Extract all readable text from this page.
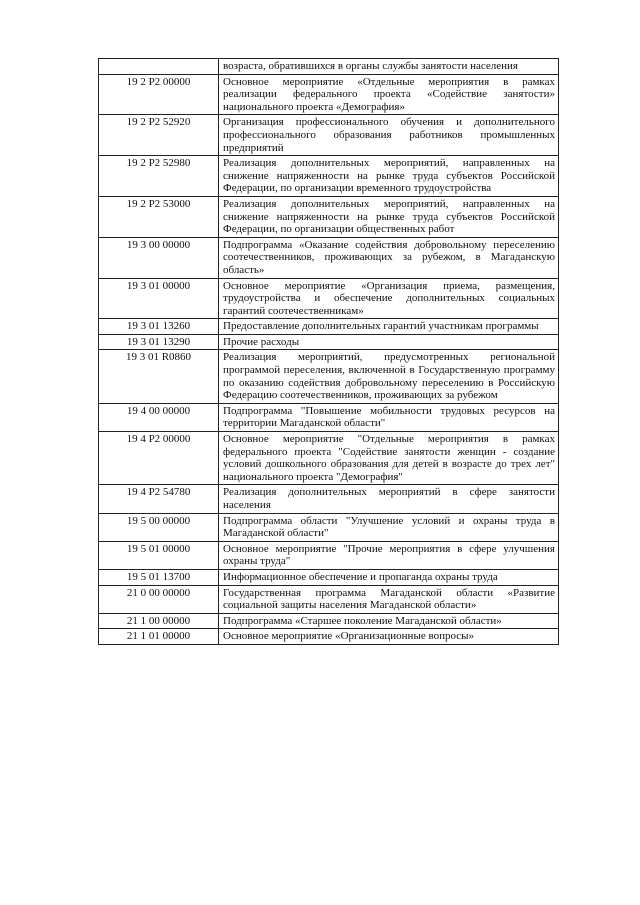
	возраста, обратившихся в органы службы занятости населения
19 2 P2 00000	Основное мероприятие «Отдельные мероприятия в рамках реализации федерального проекта «Содействие занятости» национального проекта «Демография»
19 2 P2 52920	Организация профессионального обучения и дополнительного профессионального образования работников промышленных предприятий
19 2 P2 52980	Реализация дополнительных мероприятий, направленных на снижение напряженности на рынке труда субъектов Российской Федерации, по организации временного трудоустройства
19 2 P2 53000	Реализация дополнительных мероприятий, направленных на снижение напряженности на рынке труда субъектов Российской Федерации, по организации общественных работ
19 3 00 00000	Подпрограмма «Оказание содействия добровольному переселению соотечественников, проживающих за рубежом, в Магаданскую область»
19 3 01 00000	Основное мероприятие «Организация приема, размещения, трудоустройства и обеспечение дополнительных социальных гарантий соотечественникам»
19 3 01 13260	Предоставление дополнительных гарантий участникам программы
19 3 01 13290	Прочие расходы
19 3 01 R0860	Реализация мероприятий, предусмотренных региональной программой переселения, включенной в Государственную программу по оказанию содействия добровольному переселению в Российскую Федерацию соотечественников, проживающих за рубежом
19 4 00 00000	Подпрограмма "Повышение мобильности трудовых ресурсов на территории Магаданской области"
19 4 P2 00000	Основное мероприятие "Отдельные мероприятия в рамках федерального проекта "Содействие занятости женщин - создание условий дошкольного образования для детей в возрасте до трех лет" национального проекта "Демография"
19 4 P2 54780	Реализация дополнительных мероприятий в сфере занятости населения
19 5 00 00000	Подпрограмма области "Улучшение условий и охраны труда в Магаданской области"
19 5 01 00000	Основное мероприятие "Прочие мероприятия в сфере улучшения охраны труда"
19 5 01 13700	Информационное обеспечение и пропаганда охраны труда
21 0 00 00000	Государственная программа Магаданской области «Развитие социальной защиты населения Магаданской области»
21 1 00 00000	Подпрограмма «Старшее поколение Магаданской области»
21 1 01 00000	Основное мероприятие «Организационные вопросы»
